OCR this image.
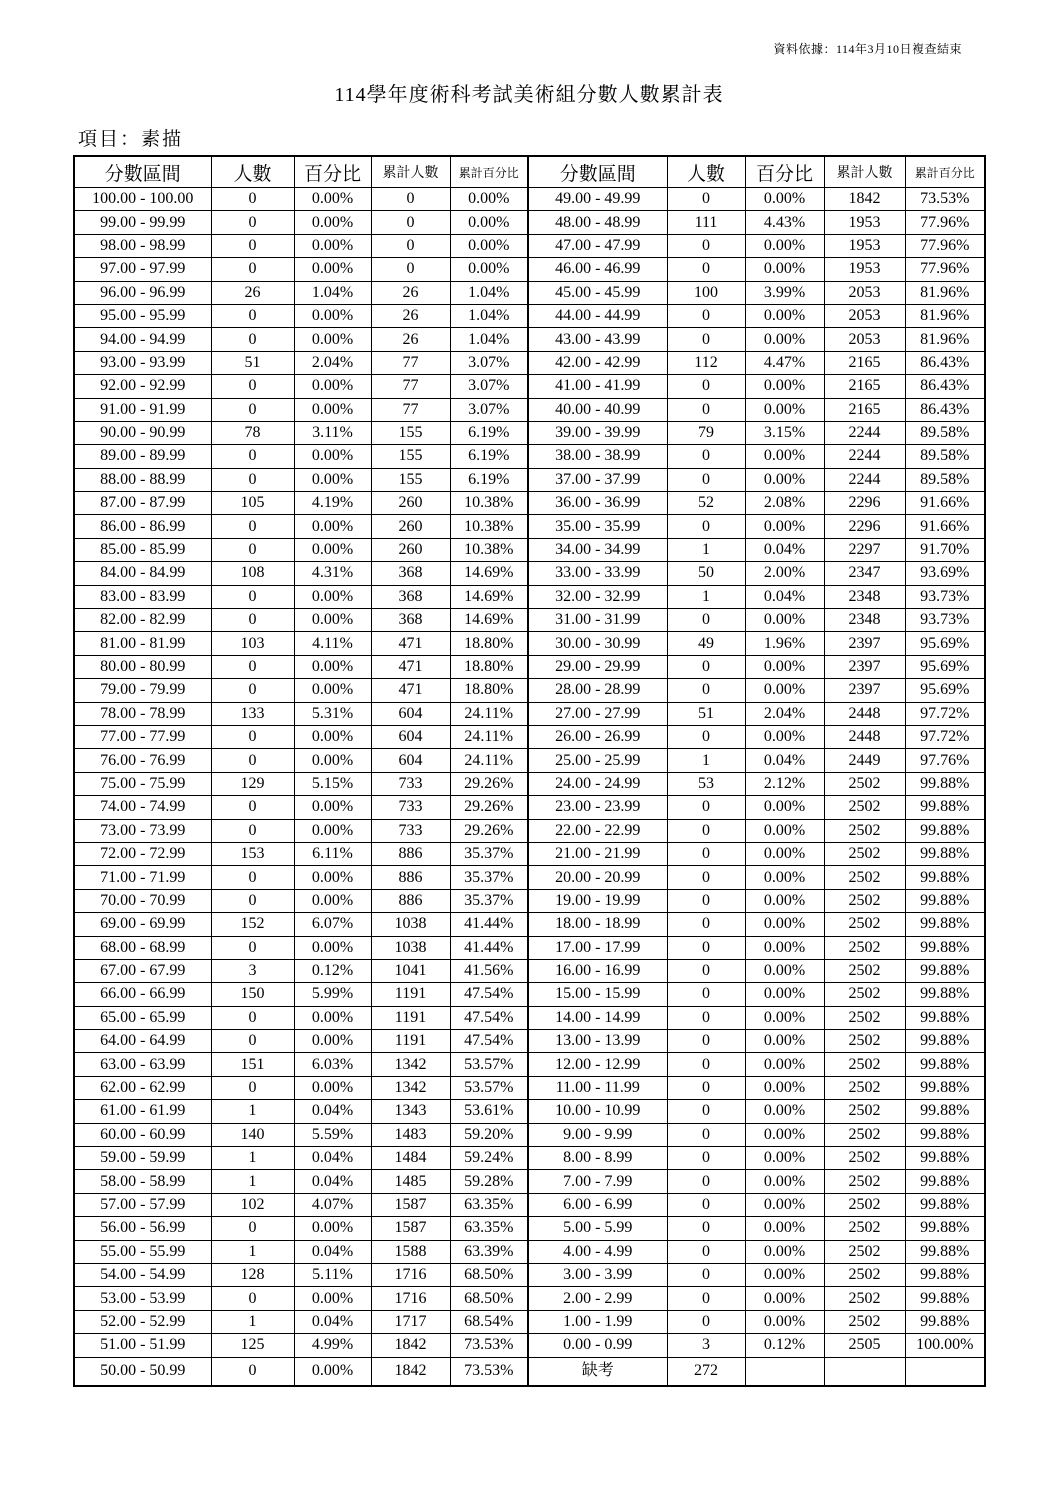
資料依據：114年3月10日複查結束
114學年度術科考試美術組分數人數累計表
項目：素描
分數區間	人數	百分比	累計人數	累計百分比	分數區間	人數	百分比	累計人數	累計百分比
100.00 - 100.00	0	0.00%	0	0.00%	49.00 - 49.99	0	0.00%	1842	73.53%
99.00 - 99.99	0	0.00%	0	0.00%	48.00 - 48.99	111	4.43%	1953	77.96%
98.00 - 98.99	0	0.00%	0	0.00%	47.00 - 47.99	0	0.00%	1953	77.96%
97.00 - 97.99	0	0.00%	0	0.00%	46.00 - 46.99	0	0.00%	1953	77.96%
96.00 - 96.99	26	1.04%	26	1.04%	45.00 - 45.99	100	3.99%	2053	81.96%
95.00 - 95.99	0	0.00%	26	1.04%	44.00 - 44.99	0	0.00%	2053	81.96%
94.00 - 94.99	0	0.00%	26	1.04%	43.00 - 43.99	0	0.00%	2053	81.96%
93.00 - 93.99	51	2.04%	77	3.07%	42.00 - 42.99	112	4.47%	2165	86.43%
92.00 - 92.99	0	0.00%	77	3.07%	41.00 - 41.99	0	0.00%	2165	86.43%
91.00 - 91.99	0	0.00%	77	3.07%	40.00 - 40.99	0	0.00%	2165	86.43%
90.00 - 90.99	78	3.11%	155	6.19%	39.00 - 39.99	79	3.15%	2244	89.58%
89.00 - 89.99	0	0.00%	155	6.19%	38.00 - 38.99	0	0.00%	2244	89.58%
88.00 - 88.99	0	0.00%	155	6.19%	37.00 - 37.99	0	0.00%	2244	89.58%
87.00 - 87.99	105	4.19%	260	10.38%	36.00 - 36.99	52	2.08%	2296	91.66%
86.00 - 86.99	0	0.00%	260	10.38%	35.00 - 35.99	0	0.00%	2296	91.66%
85.00 - 85.99	0	0.00%	260	10.38%	34.00 - 34.99	1	0.04%	2297	91.70%
84.00 - 84.99	108	4.31%	368	14.69%	33.00 - 33.99	50	2.00%	2347	93.69%
83.00 - 83.99	0	0.00%	368	14.69%	32.00 - 32.99	1	0.04%	2348	93.73%
82.00 - 82.99	0	0.00%	368	14.69%	31.00 - 31.99	0	0.00%	2348	93.73%
81.00 - 81.99	103	4.11%	471	18.80%	30.00 - 30.99	49	1.96%	2397	95.69%
80.00 - 80.99	0	0.00%	471	18.80%	29.00 - 29.99	0	0.00%	2397	95.69%
79.00 - 79.99	0	0.00%	471	18.80%	28.00 - 28.99	0	0.00%	2397	95.69%
78.00 - 78.99	133	5.31%	604	24.11%	27.00 - 27.99	51	2.04%	2448	97.72%
77.00 - 77.99	0	0.00%	604	24.11%	26.00 - 26.99	0	0.00%	2448	97.72%
76.00 - 76.99	0	0.00%	604	24.11%	25.00 - 25.99	1	0.04%	2449	97.76%
75.00 - 75.99	129	5.15%	733	29.26%	24.00 - 24.99	53	2.12%	2502	99.88%
74.00 - 74.99	0	0.00%	733	29.26%	23.00 - 23.99	0	0.00%	2502	99.88%
73.00 - 73.99	0	0.00%	733	29.26%	22.00 - 22.99	0	0.00%	2502	99.88%
72.00 - 72.99	153	6.11%	886	35.37%	21.00 - 21.99	0	0.00%	2502	99.88%
71.00 - 71.99	0	0.00%	886	35.37%	20.00 - 20.99	0	0.00%	2502	99.88%
70.00 - 70.99	0	0.00%	886	35.37%	19.00 - 19.99	0	0.00%	2502	99.88%
69.00 - 69.99	152	6.07%	1038	41.44%	18.00 - 18.99	0	0.00%	2502	99.88%
68.00 - 68.99	0	0.00%	1038	41.44%	17.00 - 17.99	0	0.00%	2502	99.88%
67.00 - 67.99	3	0.12%	1041	41.56%	16.00 - 16.99	0	0.00%	2502	99.88%
66.00 - 66.99	150	5.99%	1191	47.54%	15.00 - 15.99	0	0.00%	2502	99.88%
65.00 - 65.99	0	0.00%	1191	47.54%	14.00 - 14.99	0	0.00%	2502	99.88%
64.00 - 64.99	0	0.00%	1191	47.54%	13.00 - 13.99	0	0.00%	2502	99.88%
63.00 - 63.99	151	6.03%	1342	53.57%	12.00 - 12.99	0	0.00%	2502	99.88%
62.00 - 62.99	0	0.00%	1342	53.57%	11.00 - 11.99	0	0.00%	2502	99.88%
61.00 - 61.99	1	0.04%	1343	53.61%	10.00 - 10.99	0	0.00%	2502	99.88%
60.00 - 60.99	140	5.59%	1483	59.20%	9.00 - 9.99	0	0.00%	2502	99.88%
59.00 - 59.99	1	0.04%	1484	59.24%	8.00 - 8.99	0	0.00%	2502	99.88%
58.00 - 58.99	1	0.04%	1485	59.28%	7.00 - 7.99	0	0.00%	2502	99.88%
57.00 - 57.99	102	4.07%	1587	63.35%	6.00 - 6.99	0	0.00%	2502	99.88%
56.00 - 56.99	0	0.00%	1587	63.35%	5.00 - 5.99	0	0.00%	2502	99.88%
55.00 - 55.99	1	0.04%	1588	63.39%	4.00 - 4.99	0	0.00%	2502	99.88%
54.00 - 54.99	128	5.11%	1716	68.50%	3.00 - 3.99	0	0.00%	2502	99.88%
53.00 - 53.99	0	0.00%	1716	68.50%	2.00 - 2.99	0	0.00%	2502	99.88%
52.00 - 52.99	1	0.04%	1717	68.54%	1.00 - 1.99	0	0.00%	2502	99.88%
51.00 - 51.99	125	4.99%	1842	73.53%	0.00 - 0.99	3	0.12%	2505	100.00%
50.00 - 50.99	0	0.00%	1842	73.53%	缺考	272			
